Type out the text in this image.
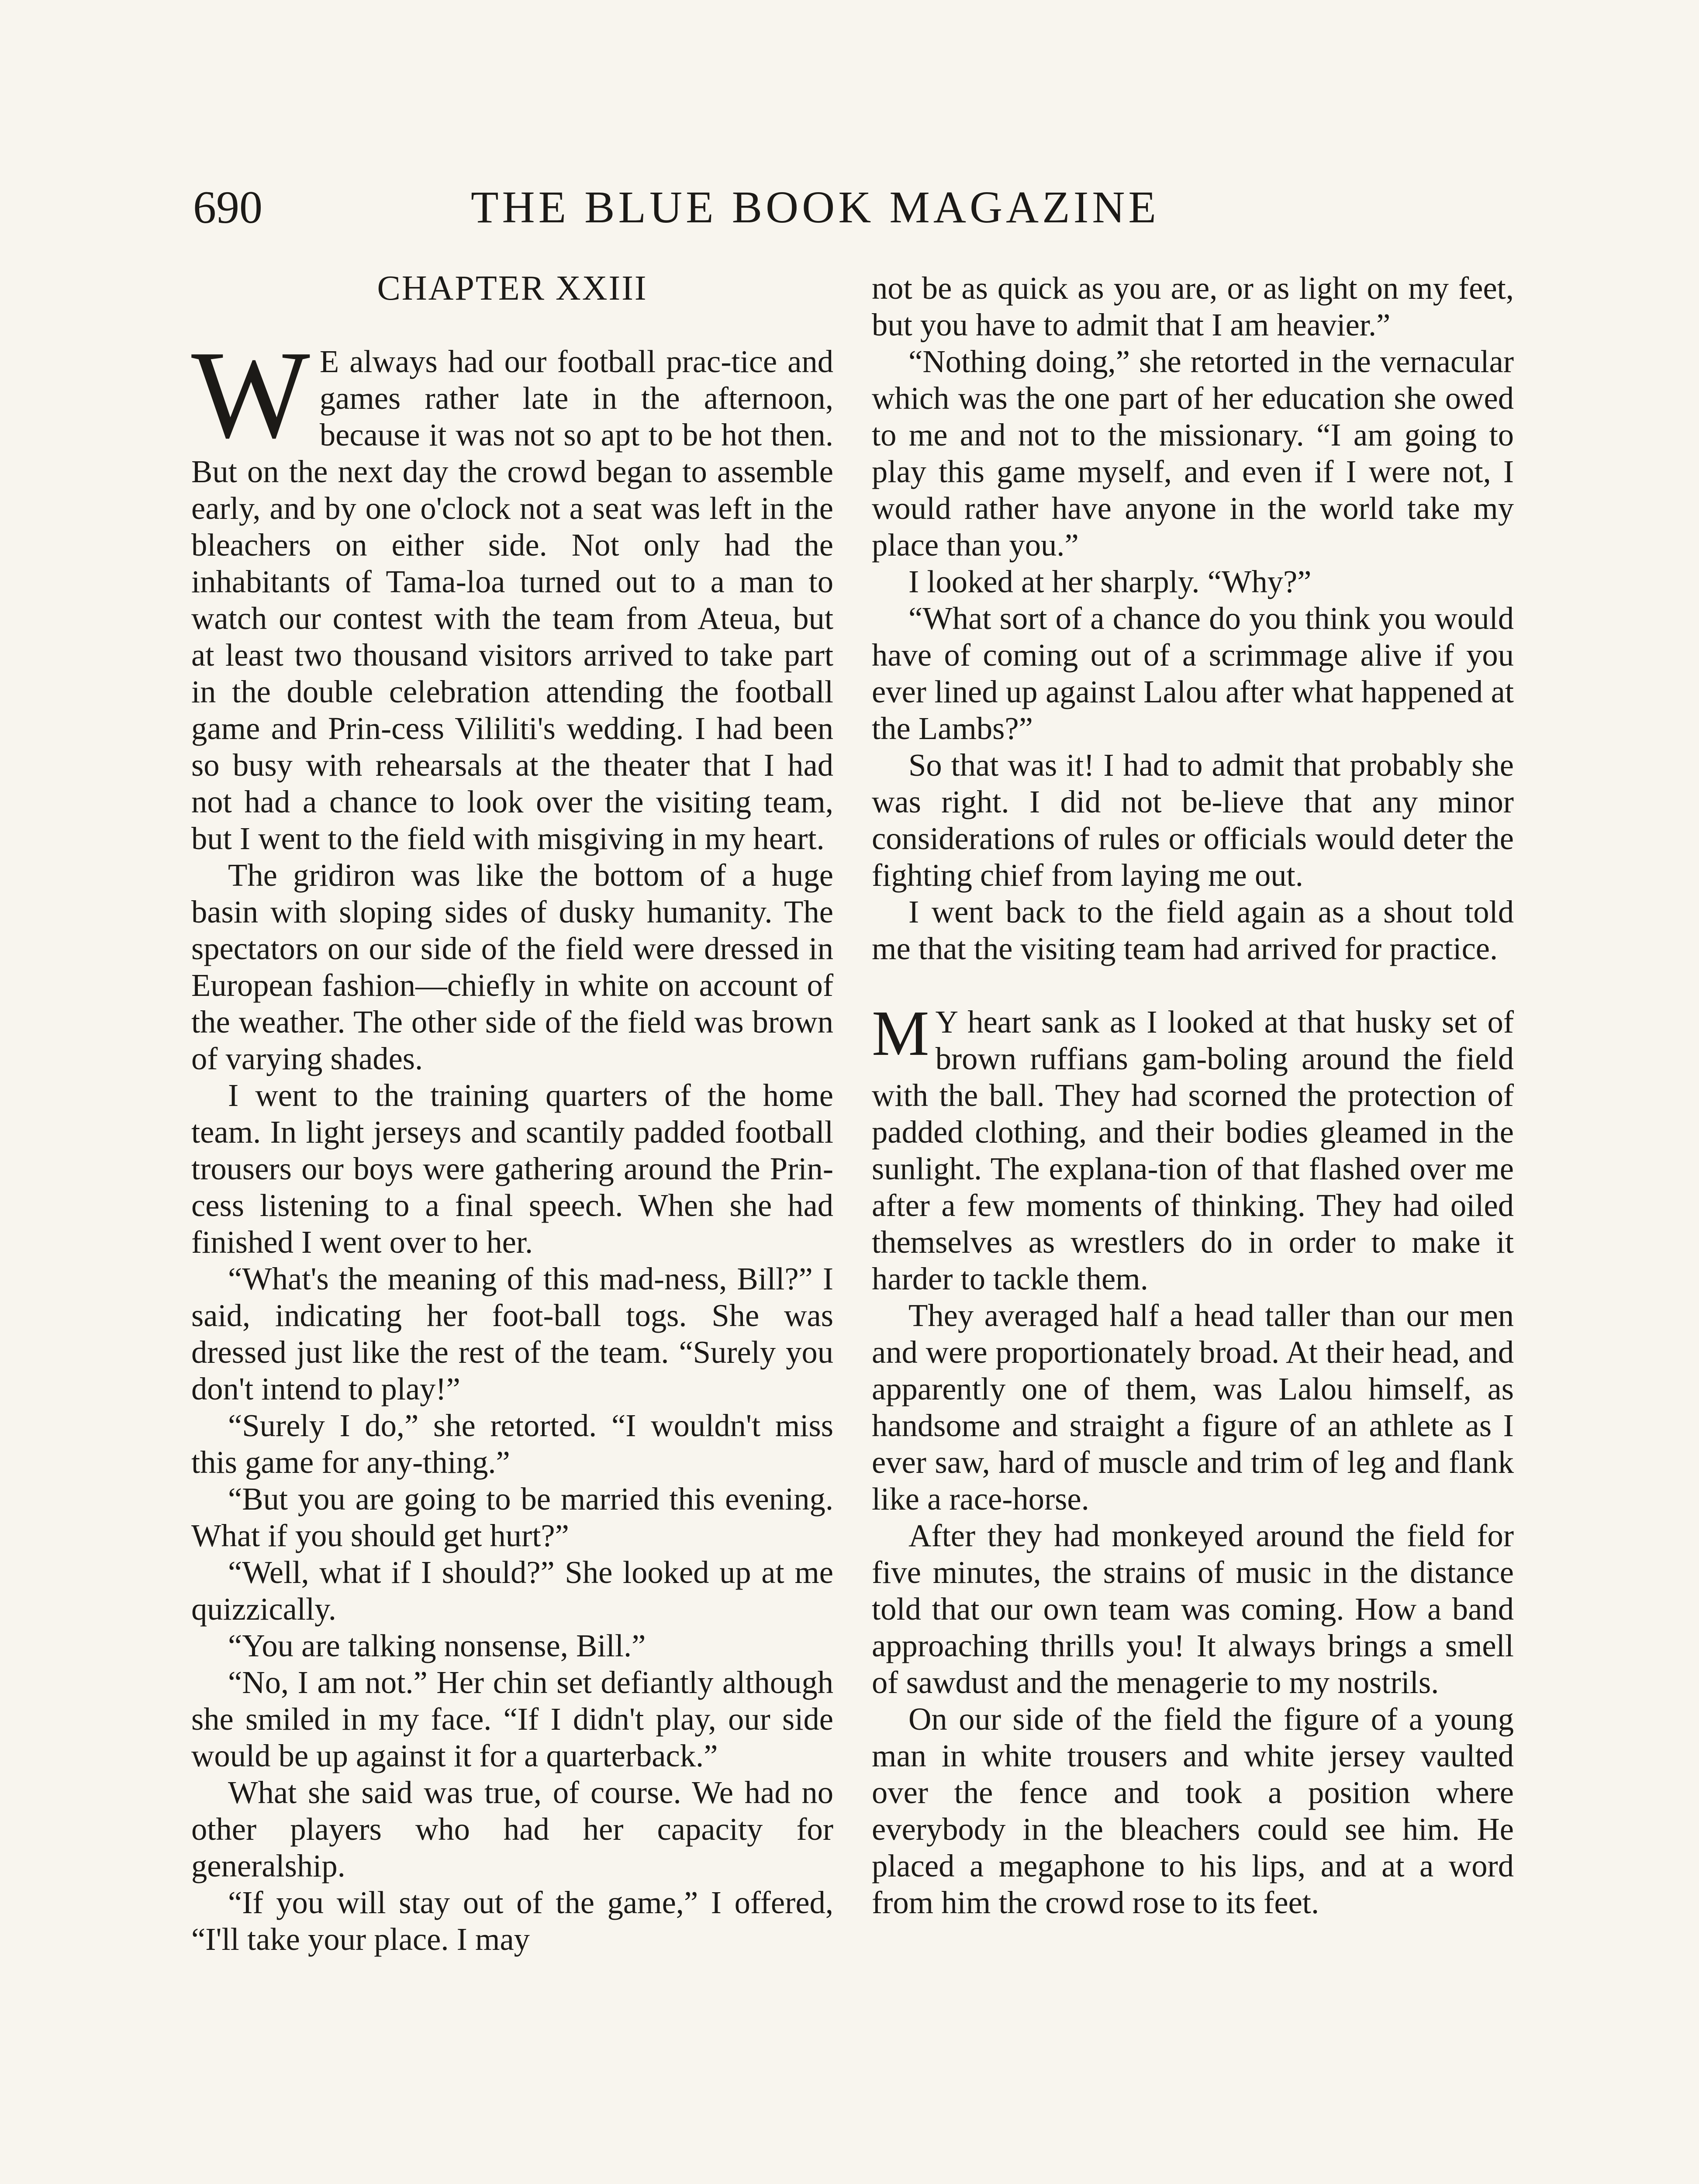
690	THE BLUE BOOK MAGAZINE
CHAPTER XXIII

W E always had our football prac-tice and games rather late in the afternoon, because it was not so apt to be hot then. But on the next day the crowd began to assemble early, and by one o'clock not a seat was left in the bleachers on either side. Not only had the inhabitants of Tama-loa turned out to a man to watch our contest with the team from Ateua, but at least two thousand visitors arrived to take part in the double celebration attending the football game and Prin-cess Vililiti's wedding. I had been so busy with rehearsals at the theater that I had not had a chance to look over the visiting team, but I went to the field with misgiving in my heart.

The gridiron was like the bottom of a huge basin with sloping sides of dusky humanity. The spectators on our side of the field were dressed in European fashion—chiefly in white on account of the weather. The other side of the field was brown of varying shades.

I went to the training quarters of the home team. In light jerseys and scantily padded football trousers our boys were gathering around the Prin-cess listening to a final speech. When she had finished I went over to her.

“What's the meaning of this mad-ness, Bill?” I said, indicating her foot-ball togs. She was dressed just like the rest of the team. “Surely you don't intend to play!”

“Surely I do,” she retorted. “I wouldn't miss this game for any-thing.”

“But you are going to be married this evening. What if you should get hurt?”

“Well, what if I should?” She looked up at me quizzically.

“You are talking nonsense, Bill.”

“No, I am not.” Her chin set defiantly although she smiled in my face. “If I didn't play, our side would be up against it for a quarterback.”

What she said was true, of course. We had no other players who had her capacity for generalship.

“If you will stay out of the game,” I offered, “I'll take your place. I may

not be as quick as you are, or as light on my feet, but you have to admit that I am heavier.”

“Nothing doing,” she retorted in the vernacular which was the one part of her education she owed to me and not to the missionary. “I am going to play this game myself, and even if I were not, I would rather have anyone in the world take my place than you.”

I looked at her sharply. “Why?”

“What sort of a chance do you think you would have of coming out of a scrimmage alive if you ever lined up against Lalou after what happened at the Lambs?”

So that was it! I had to admit that probably she was right. I did not be-lieve that any minor considerations of rules or officials would deter the fighting chief from laying me out.

I went back to the field again as a shout told me that the visiting team had arrived for practice.

M Y heart sank as I looked at that husky set of brown ruffians gam-boling around the field with the ball. They had scorned the protection of padded clothing, and their bodies gleamed in the sunlight. The explana-tion of that flashed over me after a few moments of thinking. They had oiled themselves as wrestlers do in order to make it harder to tackle them.

They averaged half a head taller than our men and were proportionately broad. At their head, and apparently one of them, was Lalou himself, as handsome and straight a figure of an athlete as I ever saw, hard of muscle and trim of leg and flank like a race-horse.

After they had monkeyed around the field for five minutes, the strains of music in the distance told that our own team was coming. How a band approaching thrills you! It always brings a smell of sawdust and the menagerie to my nostrils.

On our side of the field the figure of a young man in white trousers and white jersey vaulted over the fence and took a position where everybody in the bleachers could see him. He placed a megaphone to his lips, and at a word from him the crowd rose to its feet.
